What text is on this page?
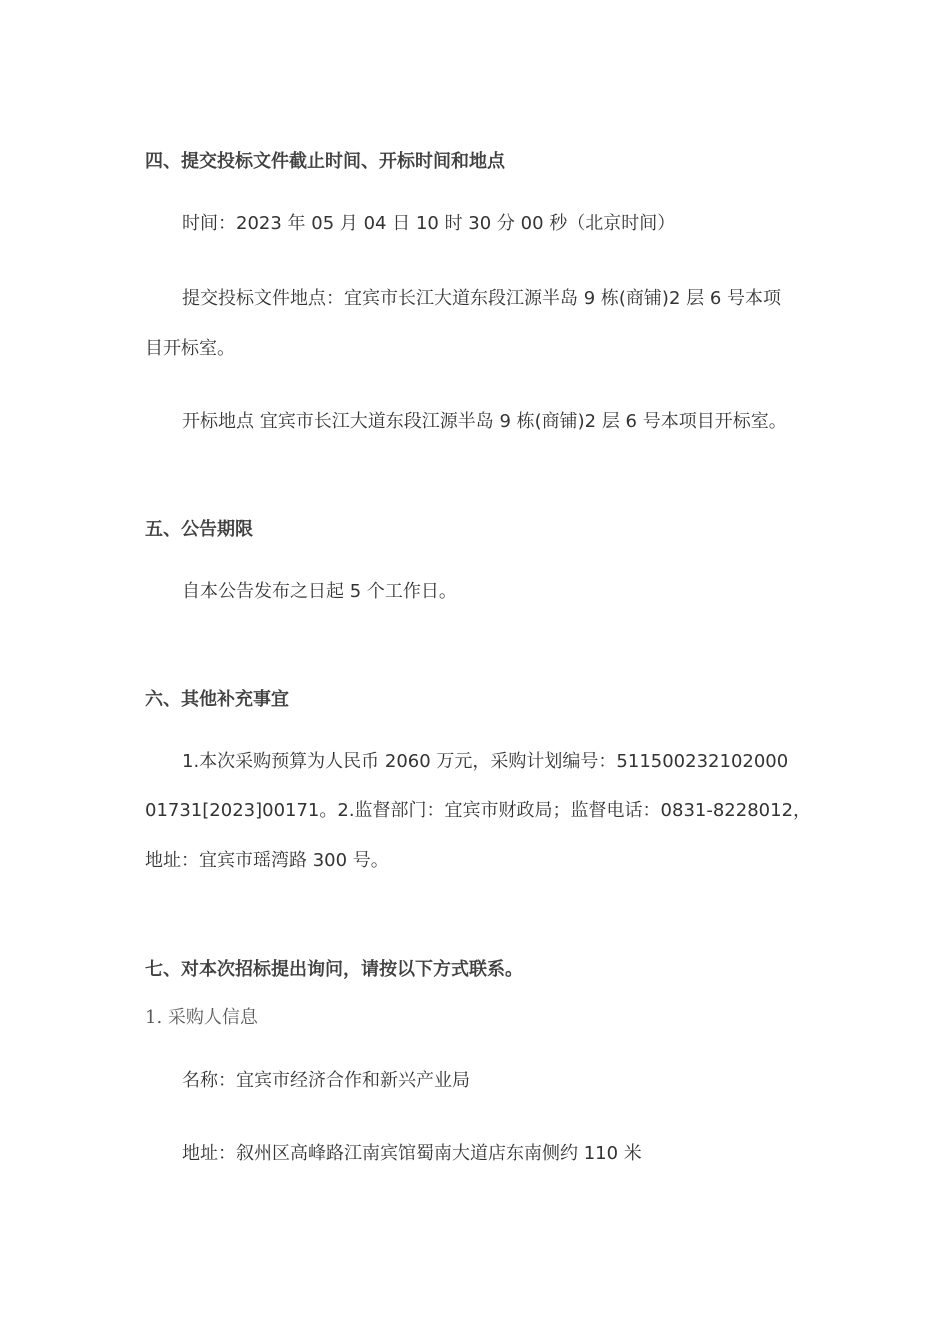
四、提交投标文件截止时间、开标时间和地点
时间：2023 年 05 月 04 日 10 时 30 分 00 秒（北京时间）
提交投标文件地点：宜宾市长江大道东段江源半岛 9 栋(商铺)2 层 6 号本项
目开标室。
开标地点 宜宾市长江大道东段江源半岛 9 栋(商铺)2 层 6 号本项目开标室。
五、公告期限
自本公告发布之日起 5 个工作日。
六、其他补充事宜
1.本次采购预算为人民币 2060 万元，采购计划编号：511500232102000
01731[2023]00171。2.监督部门：宜宾市财政局；监督电话：0831-8228012，
地址：宜宾市瑶湾路 300 号。
七、对本次招标提出询问，请按以下方式联系。
1. 采购人信息
名称：宜宾市经济合作和新兴产业局
地址：叙州区高峰路江南宾馆蜀南大道店东南侧约 110 米
